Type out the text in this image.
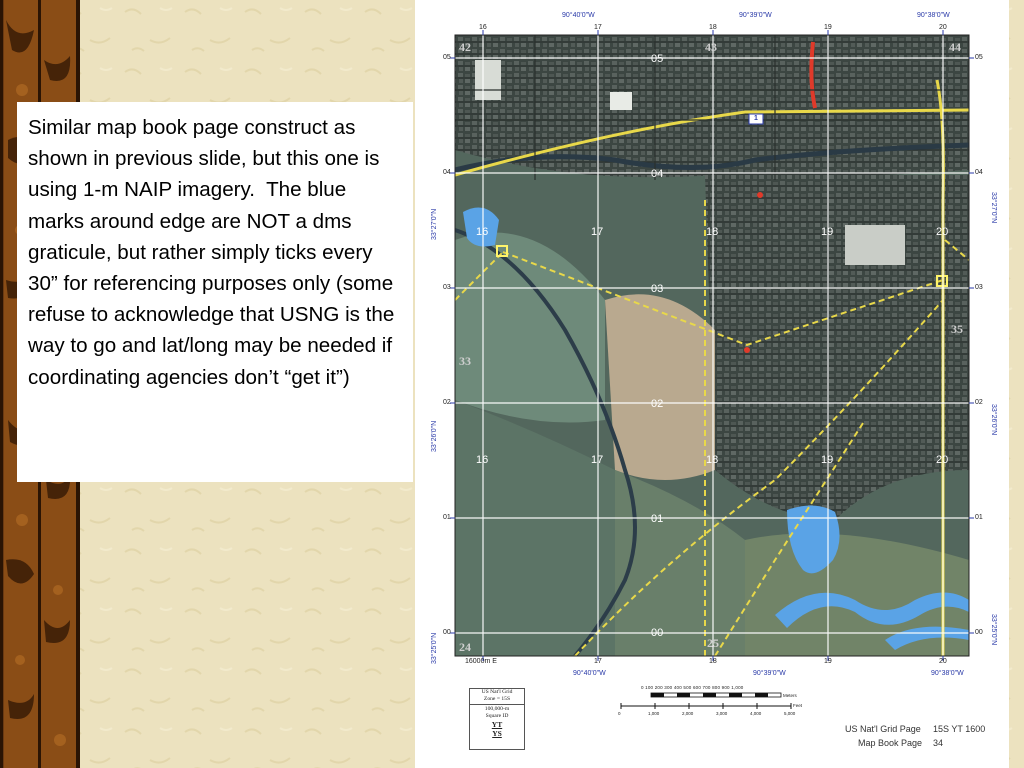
Similar map book page construct as shown in previous slide, but this one is using 1-m NAIP imagery.  The blue marks around edge are NOT a dms graticule, but rather simply ticks every 30” for referencing purposes only (some refuse to acknowledge that USNG is the way to go and lat/long may be needed if coordinating agencies don’t “get it”)

90°40'0"W	90°39'0"W	90°38'0"W
16	17	18	19	20
16000m E	17	18	19	20
90°40'0"W	90°39'0"W	90°38'0"W
05
04
03
02
01
00
05
04
03
02
01
00
33°27'0"N
33°26'0"N
33°25'0"N
33°27'0"N
33°26'0"N
33°25'0"N
05
04
03
02
01
00
16	17	18	19	20
16	17	18	19	20
42	43	44
33
35
24	25
1
0 100 200 300 400 500 600 700 800 900 1,000
Meters
0	1,000	2,000	3,000	4,000	5,000
Feet
US Nat'l Grid Page 15S YT 1600
Map Book Page 34
US Nat'l Grid
Zone = 15S
100,000-m
Square ID
YT
YS
